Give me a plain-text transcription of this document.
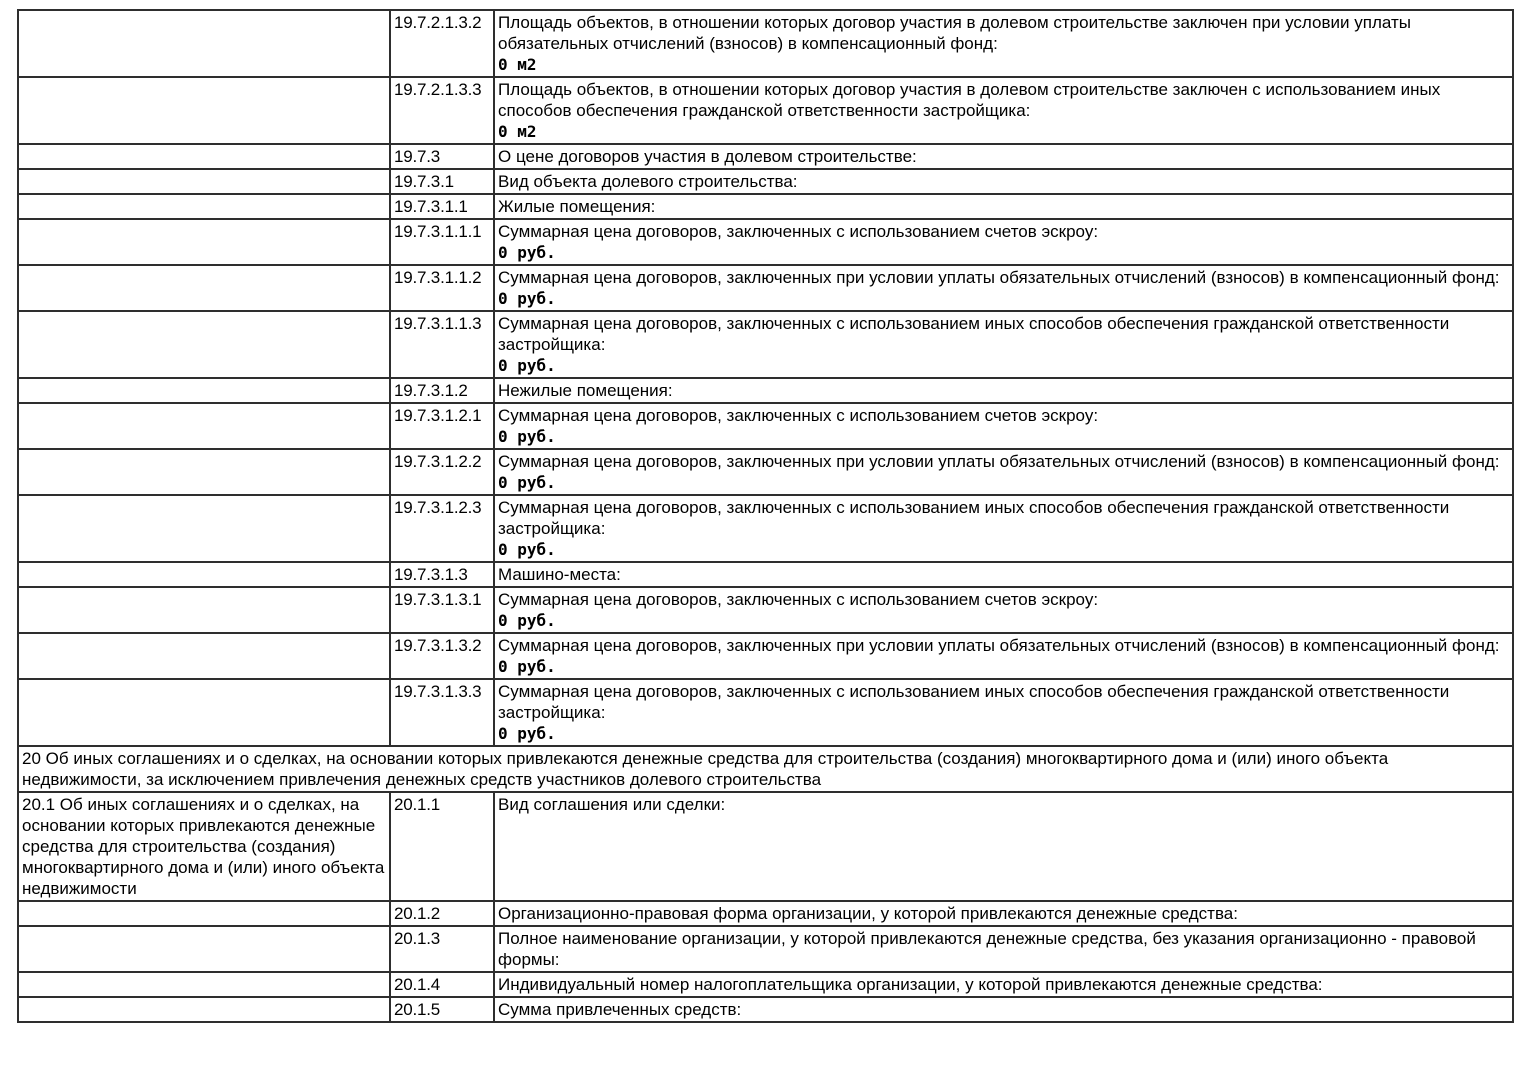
	19.7.2.1.3.2	Площадь объектов, в отношении которых договор участия в долевом строительстве заключен при условии уплаты обязательных отчислений (взносов) в компенсационный фонд:
0 м2

	19.7.2.1.3.3	Площадь объектов, в отношении которых договор участия в долевом строительстве заключен с использованием иных способов обеспечения гражданской ответственности застройщика:
0 м2

	19.7.3	О цене договоров участия в долевом строительстве:
	19.7.3.1	Вид объекта долевого строительства:
	19.7.3.1.1	Жилые помещения:
	19.7.3.1.1.1	Суммарная цена договоров, заключенных с использованием счетов эскроу:
0 руб.

	19.7.3.1.1.2	Суммарная цена договоров, заключенных при условии уплаты обязательных отчислений (взносов) в компенсационный фонд:
0 руб.

	19.7.3.1.1.3	Суммарная цена договоров, заключенных с использованием иных способов обеспечения гражданской ответственности застройщика:
0 руб.

	19.7.3.1.2	Нежилые помещения:
	19.7.3.1.2.1	Суммарная цена договоров, заключенных с использованием счетов эскроу:
0 руб.

	19.7.3.1.2.2	Суммарная цена договоров, заключенных при условии уплаты обязательных отчислений (взносов) в компенсационный фонд:
0 руб.

	19.7.3.1.2.3	Суммарная цена договоров, заключенных с использованием иных способов обеспечения гражданской ответственности застройщика:
0 руб.

	19.7.3.1.3	Машино-места:
	19.7.3.1.3.1	Суммарная цена договоров, заключенных с использованием счетов эскроу:
0 руб.

	19.7.3.1.3.2	Суммарная цена договоров, заключенных при условии уплаты обязательных отчислений (взносов) в компенсационный фонд:
0 руб.

	19.7.3.1.3.3	Суммарная цена договоров, заключенных с использованием иных способов обеспечения гражданской ответственности застройщика:
0 руб.

20 Об иных соглашениях и о сделках, на основании которых привлекаются денежные средства для строительства (создания) многоквартирного дома и (или) иного объекта недвижимости, за исключением привлечения денежных средств участников долевого строительства		
20.1 Об иных соглашениях и о сделках, на основании которых привлекаются денежные средства для строительства (создания) многоквартирного дома и (или) иного объекта недвижимости	20.1.1	Вид соглашения или сделки:
	20.1.2	Организационно-правовая форма организации, у которой привлекаются денежные средства:
	20.1.3	Полное наименование организации, у которой привлекаются денежные средства, без указания организационно - правовой формы:
	20.1.4	Индивидуальный номер налогоплательщика организации, у которой привлекаются денежные средства:
	20.1.5	Сумма привлеченных средств:
